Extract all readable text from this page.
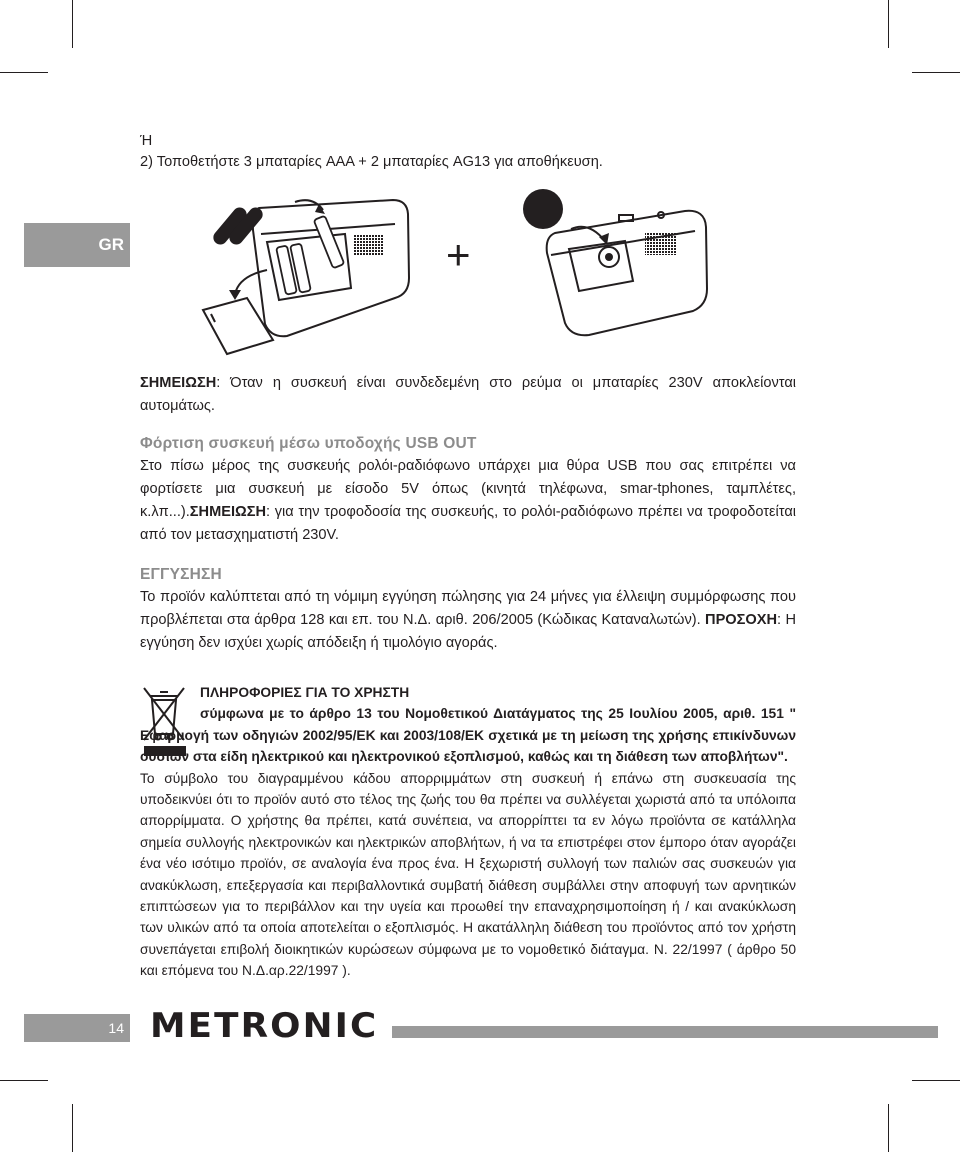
GR

Ή

2) Τοποθετήστε 3 μπαταρίες AAA + 2 μπαταρίες AG13 για αποθήκευση.

+

ΣΗΜΕΙΩΣΗ: Όταν η συσκευή είναι συνδεδεμένη στο ρεύμα οι μπαταρίες 230V αποκλείονται αυτομάτως.

Φόρτιση συσκευή μέσω υποδοχής USB OUT

Στο πίσω μέρος της συσκευής ρολόι-ραδιόφωνο υπάρχει μια θύρα USB που σας επιτρέπει να φορτίσετε μια συσκευή με είσοδο 5V όπως (κινητά τηλέφωνα, smar-tphones, ταμπλέτες, κ.λπ...).ΣΗΜΕΙΩΣΗ: για την τροφοδοσία της συσκευής, το ρολόι-ραδιόφωνο πρέπει να τροφοδοτείται από τον μετασχηματιστή 230V.

ΕΓΓΥΣΗΣΗ

Το προϊόν καλύπτεται από τη νόμιμη εγγύηση πώλησης για 24 μήνες για έλλειψη συμμόρφωσης που προβλέπεται στα άρθρα 128 και επ. του Ν.Δ. αριθ. 206/2005 (Κώδικας Καταναλωτών). ΠΡΟΣΟΧΗ: Η εγγύηση δεν ισχύει χωρίς απόδειξη ή τιμολόγιο αγοράς.

ΠΛΗΡΟΦΟΡΙΕΣ ΓΙΑ ΤΟ ΧΡΗΣΤΗ

σύμφωνα με το άρθρο 13 του Νομοθετικού Διατάγματος της 25 Ιουλίου 2005, αριθ. 151 " Εφαρμογή των οδηγιών 2002/95/ΕΚ και 2003/108/ΕΚ σχετικά με τη μείωση της χρήσης επικίνδυνων ουσιών στα είδη ηλεκτρικού και ηλεκτρονικού εξοπλισμού, καθώς και τη διάθεση των αποβλήτων".

Το σύμβολο του διαγραμμένου κάδου απορριμμάτων στη συσκευή ή επάνω στη συσκευασία της υποδεικνύει ότι το προϊόν αυτό στο τέλος της ζωής του θα πρέπει να συλλέγεται χωριστά από τα υπόλοιπα απορρίμματα. Ο χρήστης θα πρέπει, κατά συνέπεια, να απορρίπτει τα εν λόγω προϊόντα σε κατάλληλα σημεία συλλογής ηλεκτρονικών και ηλεκτρικών αποβλήτων, ή να τα επιστρέφει στον έμπορο όταν αγοράζει ένα νέο ισότιμο προϊόν, σε αναλογία ένα προς ένα. Η ξεχωριστή συλλογή των παλιών σας συσκευών για ανακύκλωση, επεξεργασία και περιβαλλοντικά συμβατή διάθεση συμβάλλει στην αποφυγή των αρνητικών επιπτώσεων για το περιβάλλον και την υγεία και προωθεί την επαναχρησιμοποίηση ή / και ανακύκλωση των υλικών από τα οποία αποτελείται ο εξοπλισμός. Η ακατάλληλη διάθεση του προϊόντος από τον χρήστη συνεπάγεται επιβολή διοικητικών κυρώσεων σύμφωνα με το νομοθετικό διάταγμα. Ν. 22/1997 ( άρθρο 50 και επόμενα του Ν.Δ.αρ.22/1997 ).

14 METRONIC
